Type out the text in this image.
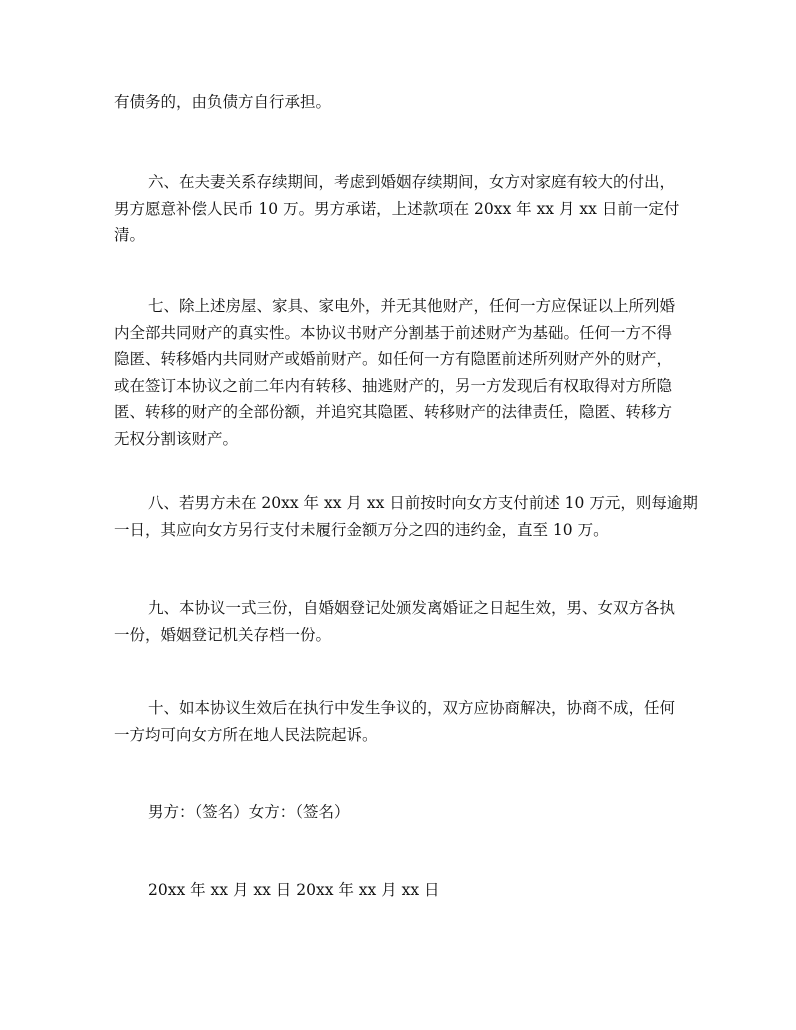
有债务的，由负债方自行承担。

六、在夫妻关系存续期间，考虑到婚姻存续期间，女方对家庭有较大的付出，
男方愿意补偿人民币 10 万。男方承诺，上述款项在 20xx 年 xx 月 xx 日前一定付
清。

七、除上述房屋、家具、家电外，并无其他财产，任何一方应保证以上所列婚
内全部共同财产的真实性。本协议书财产分割基于前述财产为基础。任何一方不得
隐匿、转移婚内共同财产或婚前财产。如任何一方有隐匿前述所列财产外的财产，
或在签订本协议之前二年内有转移、抽逃财产的，另一方发现后有权取得对方所隐
匿、转移的财产的全部份额，并追究其隐匿、转移财产的法律责任，隐匿、转移方
无权分割该财产。

八、若男方未在 20xx 年 xx 月 xx 日前按时向女方支付前述 10 万元，则每逾期
一日，其应向女方另行支付未履行金额万分之四的违约金，直至 10 万。

九、本协议一式三份，自婚姻登记处颁发离婚证之日起生效，男、女双方各执
一份，婚姻登记机关存档一份。

十、如本协议生效后在执行中发生争议的，双方应协商解决，协商不成，任何
一方均可向女方所在地人民法院起诉。

男方：（签名）女方：（签名）

20xx 年 xx 月 xx 日 20xx 年 xx 月 xx 日
